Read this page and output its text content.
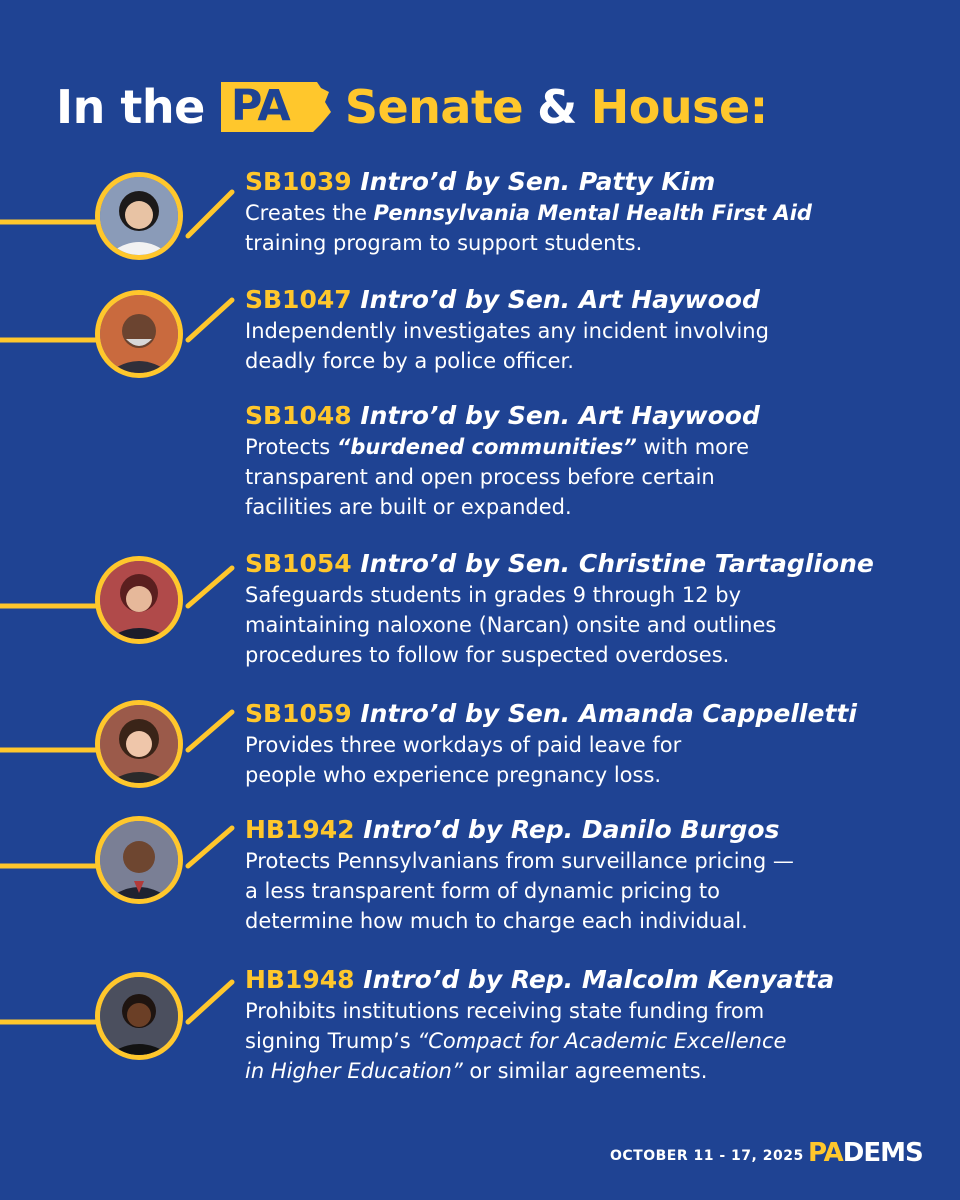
In the PA Senate & House:
SB1039 Intro’d by Sen. Patty Kim
Creates the Pennsylvania Mental Health First Aid
training program to support students.
SB1047 Intro’d by Sen. Art Haywood
Independently investigates any incident involving
deadly force by a police officer.
SB1048 Intro’d by Sen. Art Haywood
Protects “burdened communities” with more
transparent and open process before certain
facilities are built or expanded.
SB1054 Intro’d by Sen. Christine Tartaglione
Safeguards students in grades 9 through 12 by
maintaining naloxone (Narcan) onsite and outlines
procedures to follow for suspected overdoses.
SB1059 Intro’d by Sen. Amanda Cappelletti
Provides three workdays of paid leave for
people who experience pregnancy loss.
HB1942 Intro’d by Rep. Danilo Burgos
Protects Pennsylvanians from surveillance pricing —
a less transparent form of dynamic pricing to
determine how much to charge each individual.
HB1948 Intro’d by Rep. Malcolm Kenyatta
Prohibits institutions receiving state funding from
signing Trump’s “Compact for Academic Excellence
in Higher Education” or similar agreements.
OCTOBER 11 - 17, 2025 PADEMS
